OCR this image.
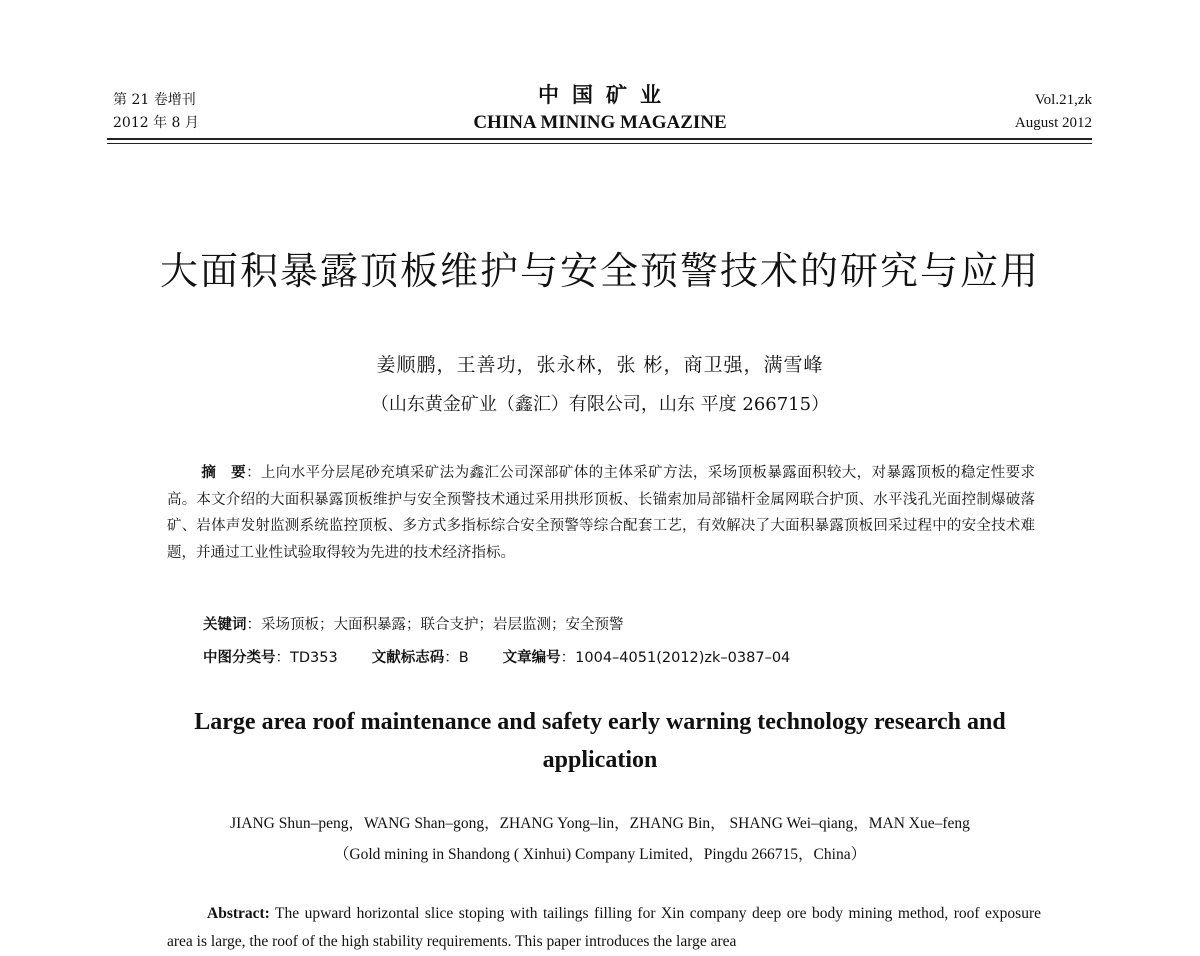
第 21 卷增刊
2012 年 8 月
中国矿业
CHINA MINING MAGAZINE
Vol.21,zk
August 2012
大面积暴露顶板维护与安全预警技术的研究与应用
姜顺鹏，王善功，张永林，张 彬，商卫强，满雪峰
（山东黄金矿业（鑫汇）有限公司，山东 平度 266715）
摘　要：上向水平分层尾砂充填采矿法为鑫汇公司深部矿体的主体采矿方法，采场顶板暴露面积较大，对暴露顶板的稳定性要求高。本文介绍的大面积暴露顶板维护与安全预警技术通过采用拱形顶板、长锚索加局部锚杆金属网联合护顶、水平浅孔光面控制爆破落矿、岩体声发射监测系统监控顶板、多方式多指标综合安全预警等综合配套工艺，有效解决了大面积暴露顶板回采过程中的安全技术难题，并通过工业性试验取得较为先进的技术经济指标。
关键词：采场顶板；大面积暴露；联合支护；岩层监测；安全预警
中图分类号：TD353 文献标志码：B 文章编号：1004–4051(2012)zk–0387–04
Large area roof maintenance and safety early warning technology research and application
JIANG Shun–peng，WANG Shan–gong，ZHANG Yong–lin，ZHANG Bin， SHANG Wei–qiang，MAN Xue–feng
（Gold mining in Shandong ( Xinhui) Company Limited，Pingdu 266715，China）
Abstract: The upward horizontal slice stoping with tailings filling for Xin company deep ore body mining method, roof exposure area is large, the roof of the high stability requirements. This paper introduces the large area
